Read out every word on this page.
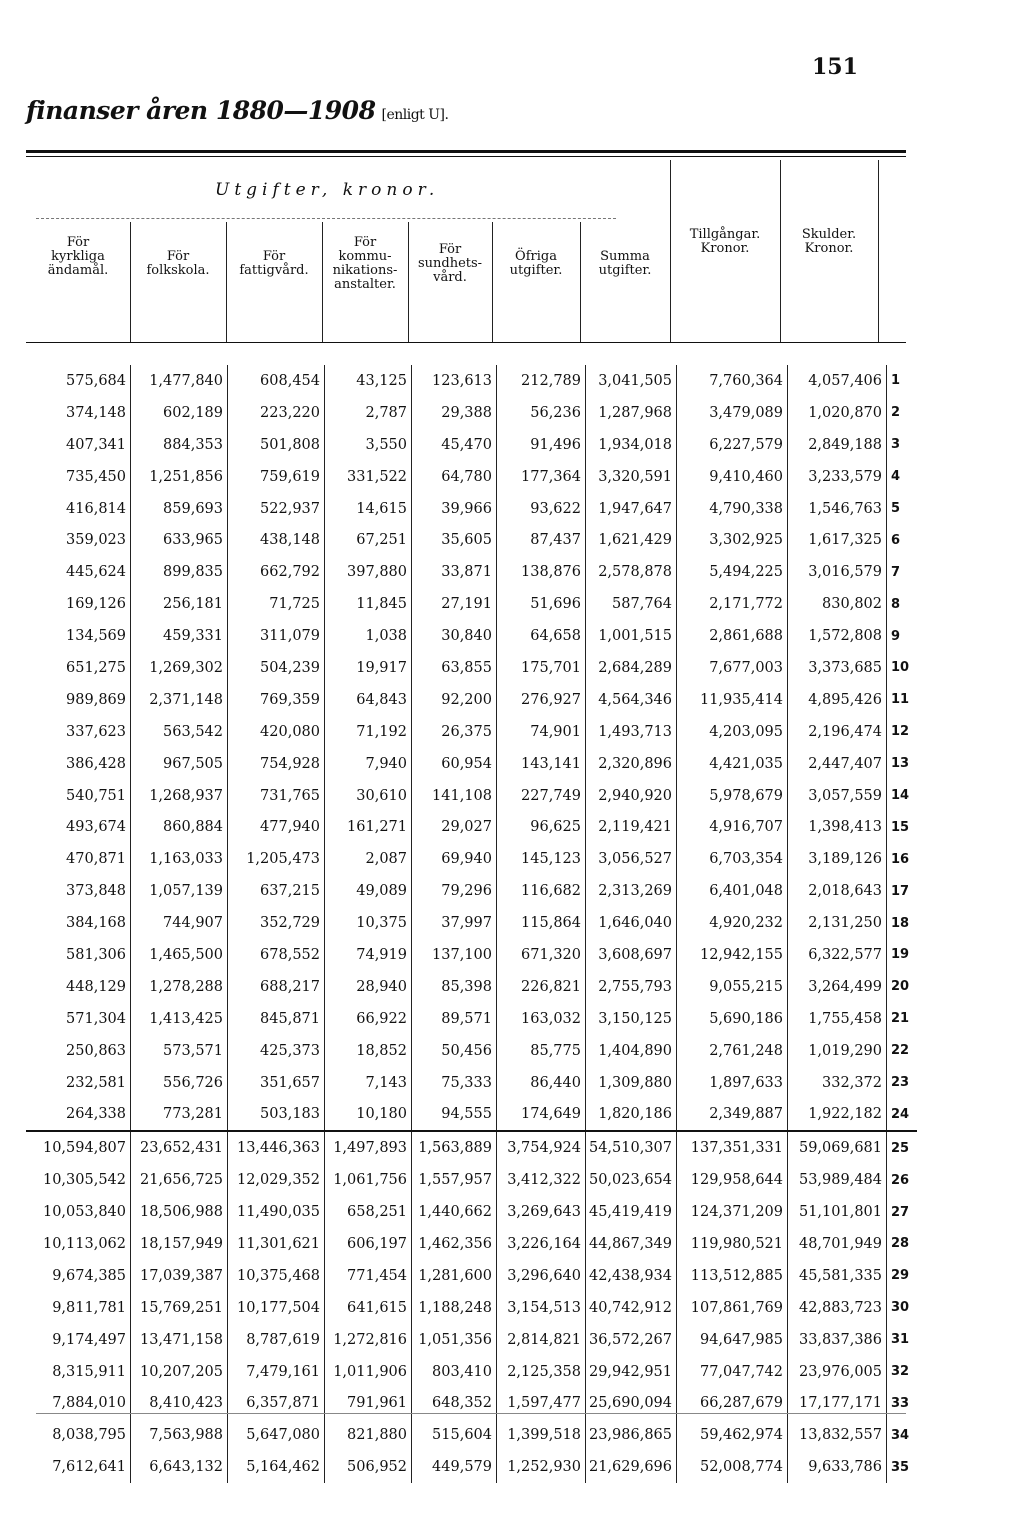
151
finanser åren 1880—1908 [enligt U].
Utgifter, kronor.
För
kyrkliga
ändamål.
För
folkskola.
För
fattigvård.
För
kommu-
nikations-
anstalter.
För
sundhets-
vård.
Öfriga
utgifter.
Summa
utgifter.
Tillgångar.
Kronor.
Skulder.
Kronor.
575,684	1,477,840	608,454	43,125	123,613	212,789	3,041,505	7,760,364	4,057,406	1
374,148	602,189	223,220	2,787	29,388	56,236	1,287,968	3,479,089	1,020,870	2
407,341	884,353	501,808	3,550	45,470	91,496	1,934,018	6,227,579	2,849,188	3
735,450	1,251,856	759,619	331,522	64,780	177,364	3,320,591	9,410,460	3,233,579	4
416,814	859,693	522,937	14,615	39,966	93,622	1,947,647	4,790,338	1,546,763	5
359,023	633,965	438,148	67,251	35,605	87,437	1,621,429	3,302,925	1,617,325	6
445,624	899,835	662,792	397,880	33,871	138,876	2,578,878	5,494,225	3,016,579	7
169,126	256,181	71,725	11,845	27,191	51,696	587,764	2,171,772	830,802	8
134,569	459,331	311,079	1,038	30,840	64,658	1,001,515	2,861,688	1,572,808	9
651,275	1,269,302	504,239	19,917	63,855	175,701	2,684,289	7,677,003	3,373,685	10
989,869	2,371,148	769,359	64,843	92,200	276,927	4,564,346	11,935,414	4,895,426	11
337,623	563,542	420,080	71,192	26,375	74,901	1,493,713	4,203,095	2,196,474	12
386,428	967,505	754,928	7,940	60,954	143,141	2,320,896	4,421,035	2,447,407	13
540,751	1,268,937	731,765	30,610	141,108	227,749	2,940,920	5,978,679	3,057,559	14
493,674	860,884	477,940	161,271	29,027	96,625	2,119,421	4,916,707	1,398,413	15
470,871	1,163,033	1,205,473	2,087	69,940	145,123	3,056,527	6,703,354	3,189,126	16
373,848	1,057,139	637,215	49,089	79,296	116,682	2,313,269	6,401,048	2,018,643	17
384,168	744,907	352,729	10,375	37,997	115,864	1,646,040	4,920,232	2,131,250	18
581,306	1,465,500	678,552	74,919	137,100	671,320	3,608,697	12,942,155	6,322,577	19
448,129	1,278,288	688,217	28,940	85,398	226,821	2,755,793	9,055,215	3,264,499	20
571,304	1,413,425	845,871	66,922	89,571	163,032	3,150,125	5,690,186	1,755,458	21
250,863	573,571	425,373	18,852	50,456	85,775	1,404,890	2,761,248	1,019,290	22
232,581	556,726	351,657	7,143	75,333	86,440	1,309,880	1,897,633	332,372	23
264,338	773,281	503,183	10,180	94,555	174,649	1,820,186	2,349,887	1,922,182	24
10,594,807	23,652,431	13,446,363	1,497,893	1,563,889	3,754,924	54,510,307	137,351,331	59,069,681	25
10,305,542	21,656,725	12,029,352	1,061,756	1,557,957	3,412,322	50,023,654	129,958,644	53,989,484	26
10,053,840	18,506,988	11,490,035	658,251	1,440,662	3,269,643	45,419,419	124,371,209	51,101,801	27
10,113,062	18,157,949	11,301,621	606,197	1,462,356	3,226,164	44,867,349	119,980,521	48,701,949	28
9,674,385	17,039,387	10,375,468	771,454	1,281,600	3,296,640	42,438,934	113,512,885	45,581,335	29
9,811,781	15,769,251	10,177,504	641,615	1,188,248	3,154,513	40,742,912	107,861,769	42,883,723	30
9,174,497	13,471,158	8,787,619	1,272,816	1,051,356	2,814,821	36,572,267	94,647,985	33,837,386	31
8,315,911	10,207,205	7,479,161	1,011,906	803,410	2,125,358	29,942,951	77,047,742	23,976,005	32
7,884,010	8,410,423	6,357,871	791,961	648,352	1,597,477	25,690,094	66,287,679	17,177,171	33
8,038,795	7,563,988	5,647,080	821,880	515,604	1,399,518	23,986,865	59,462,974	13,832,557	34
7,612,641	6,643,132	5,164,462	506,952	449,579	1,252,930	21,629,696	52,008,774	9,633,786	35
